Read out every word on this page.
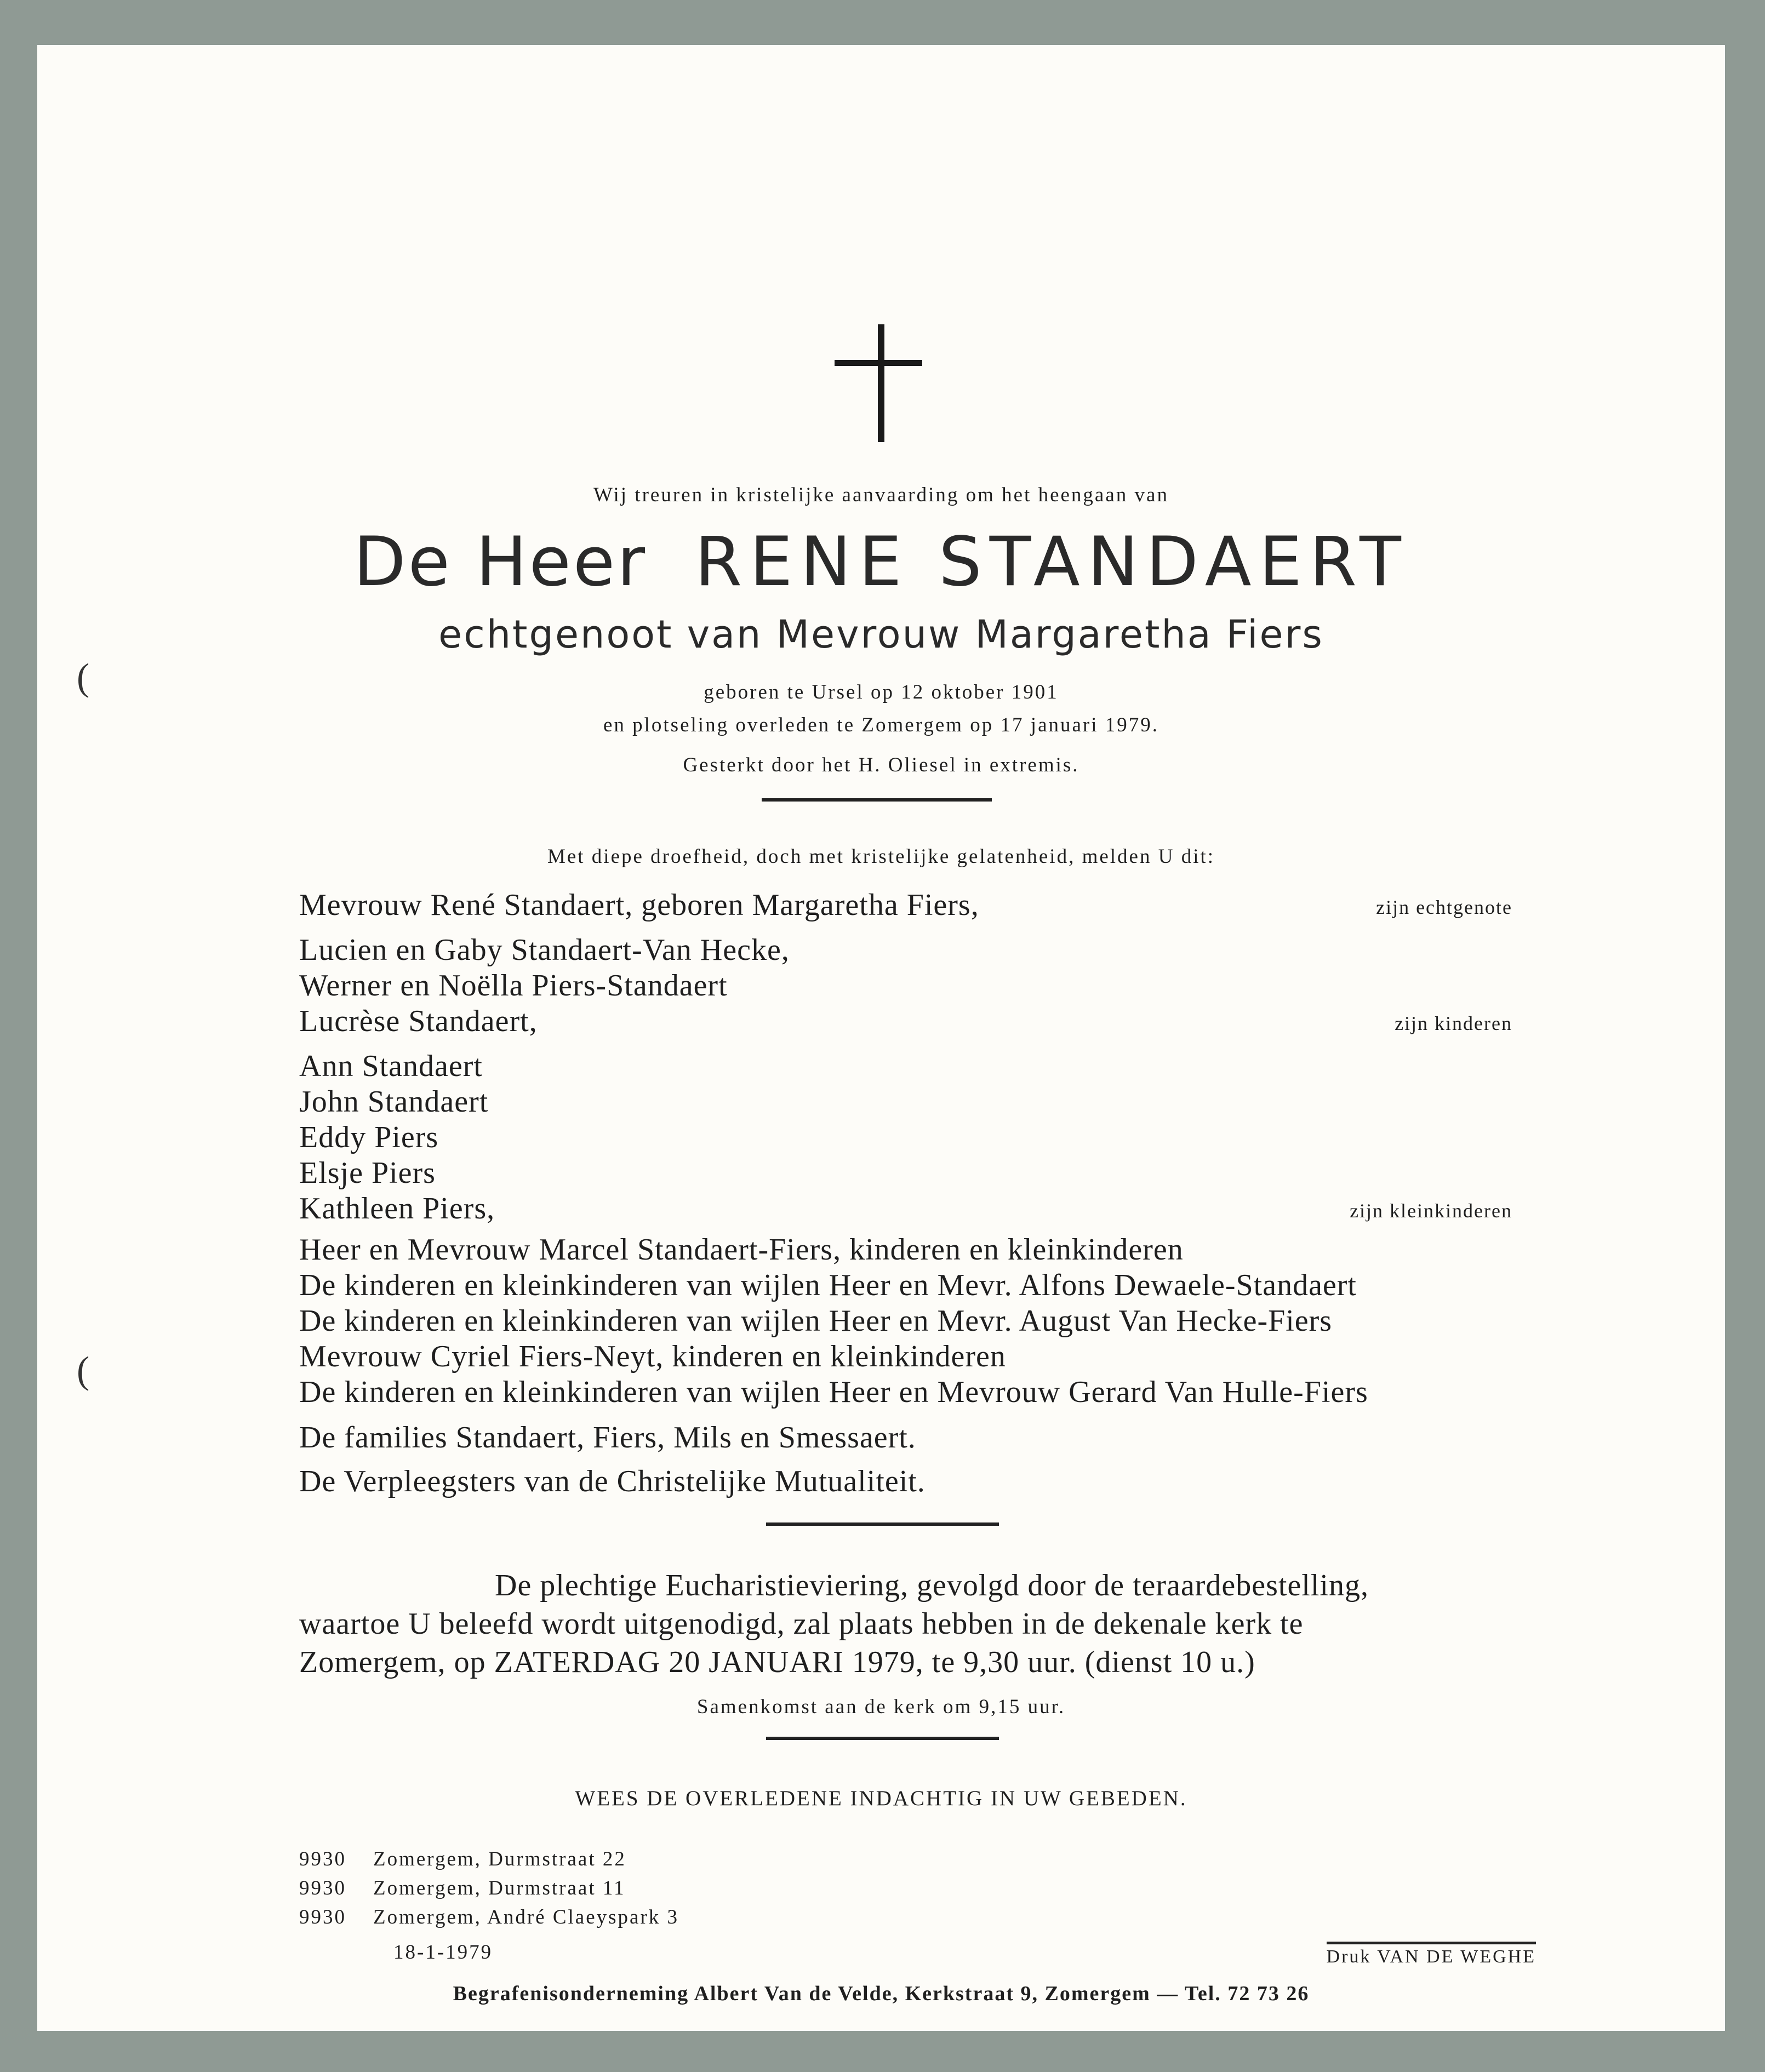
(
(
Wij treuren in kristelijke aanvaarding om het heengaan van
De Heer RENE STANDAERT
echtgenoot van Mevrouw Margaretha Fiers
geboren te Ursel op 12 oktober 1901
en plotseling overleden te Zomergem op 17 januari 1979.
Gesterkt door het H. Oliesel in extremis.
Met diepe droefheid, doch met kristelijke gelatenheid, melden U dit:
Mevrouw René Standaert, geboren Margaretha Fiers,	zijn echtgenote
Lucien en Gaby Standaert-Van Hecke,
Werner en Noëlla Piers-Standaert
Lucrèse Standaert,	zijn kinderen
Ann Standaert
John Standaert
Eddy Piers
Elsje Piers
Kathleen Piers,	zijn kleinkinderen
Heer en Mevrouw Marcel Standaert-Fiers, kinderen en kleinkinderen
De kinderen en kleinkinderen van wijlen Heer en Mevr. Alfons Dewaele-Standaert
De kinderen en kleinkinderen van wijlen Heer en Mevr. August Van Hecke-Fiers
Mevrouw Cyriel Fiers-Neyt, kinderen en kleinkinderen
De kinderen en kleinkinderen van wijlen Heer en Mevrouw Gerard Van Hulle-Fiers
De families Standaert, Fiers, Mils en Smessaert.
De Verpleegsters van de Christelijke Mutualiteit.
De plechtige Eucharistieviering, gevolgd door de teraardebestelling,
waartoe U beleefd wordt uitgenodigd, zal plaats hebben in de dekenale kerk te
Zomergem, op ZATERDAG 20 JANUARI 1979, te 9,30 uur. (dienst 10 u.)
Samenkomst aan de kerk om 9,15 uur.
WEES DE OVERLEDENE INDACHTIG IN UW GEBEDEN.
9930 Zomergem, Durmstraat 22
9930 Zomergem, Durmstraat 11
9930 Zomergem, André Claeyspark 3
18-1-1979	Druk VAN DE WEGHE
Begrafenisonderneming Albert Van de Velde, Kerkstraat 9, Zomergem — Tel. 72 73 26
